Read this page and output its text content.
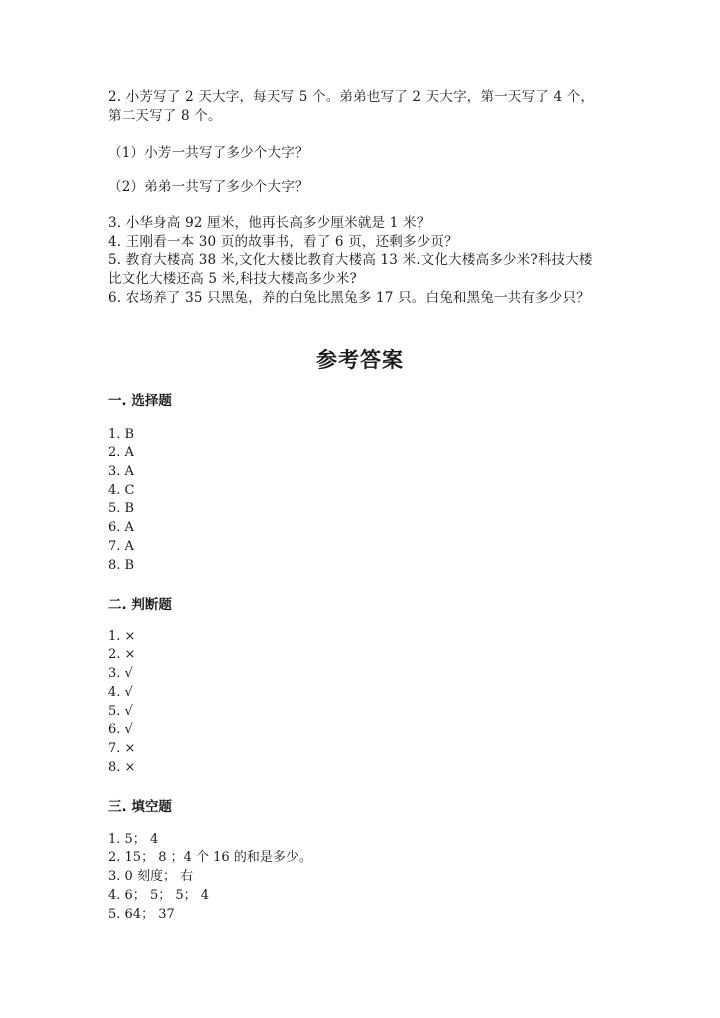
2. 小芳写了 2 天大字，每天写 5 个。弟弟也写了 2 天大字，第一天写了 4 个，
第二天写了 8 个。
（1）小芳一共写了多少个大字？
（2）弟弟一共写了多少个大字？
3. 小华身高 92 厘米，他再长高多少厘米就是 1 米？
4. 王刚看一本 30 页的故事书，看了 6 页，还剩多少页？
5. 教育大楼高 38 米,文化大楼比教育大楼高 13 米.文化大楼高多少米?科技大楼
比文化大楼还高 5 米,科技大楼高多少米?
6. 农场养了 35 只黑兔，养的白兔比黑兔多 17 只。白兔和黑兔一共有多少只？
参考答案
一. 选择题
1. B
2. A
3. A
4. C
5. B
6. A
7. A
8. B
二. 判断题
1. ×
2. ×
3. √
4. √
5. √
6. √
7. ×
8. ×
三. 填空题
1. 5； 4
2. 15； 8 ；4 个 16 的和是多少。
3. 0 刻度； 右
4. 6； 5； 5； 4
5. 64； 37
